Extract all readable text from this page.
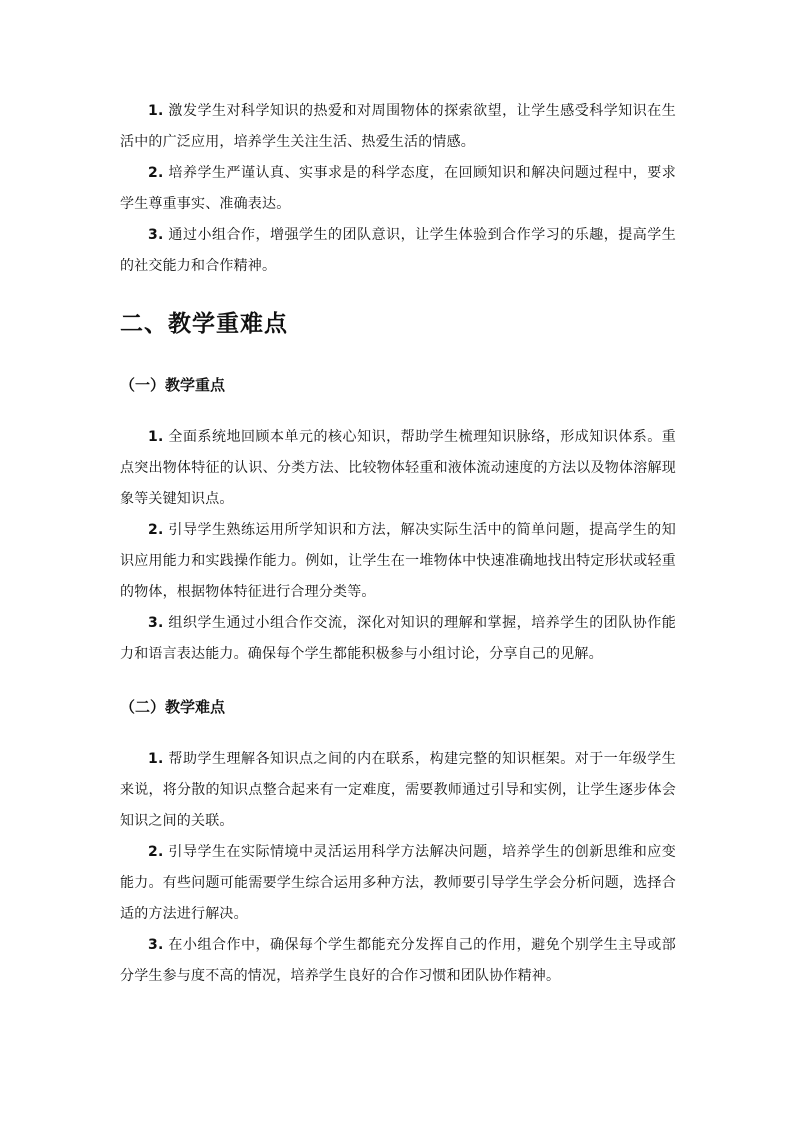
1. 激发学生对科学知识的热爱和对周围物体的探索欲望，让学生感受科学知识在生活中的广泛应用，培养学生关注生活、热爱生活的情感。

2. 培养学生严谨认真、实事求是的科学态度，在回顾知识和解决问题过程中，要求学生尊重事实、准确表达。

3. 通过小组合作，增强学生的团队意识，让学生体验到合作学习的乐趣，提高学生的社交能力和合作精神。

二、教学重难点
（一）教学重点

1. 全面系统地回顾本单元的核心知识，帮助学生梳理知识脉络，形成知识体系。重点突出物体特征的认识、分类方法、比较物体轻重和液体流动速度的方法以及物体溶解现象等关键知识点。

2. 引导学生熟练运用所学知识和方法，解决实际生活中的简单问题，提高学生的知识应用能力和实践操作能力。例如，让学生在一堆物体中快速准确地找出特定形状或轻重的物体，根据物体特征进行合理分类等。

3. 组织学生通过小组合作交流，深化对知识的理解和掌握，培养学生的团队协作能力和语言表达能力。确保每个学生都能积极参与小组讨论，分享自己的见解。

（二）教学难点

1. 帮助学生理解各知识点之间的内在联系，构建完整的知识框架。对于一年级学生来说，将分散的知识点整合起来有一定难度，需要教师通过引导和实例，让学生逐步体会知识之间的关联。

2. 引导学生在实际情境中灵活运用科学方法解决问题，培养学生的创新思维和应变能力。有些问题可能需要学生综合运用多种方法，教师要引导学生学会分析问题，选择合适的方法进行解决。

3. 在小组合作中，确保每个学生都能充分发挥自己的作用，避免个别学生主导或部分学生参与度不高的情况，培养学生良好的合作习惯和团队协作精神。
